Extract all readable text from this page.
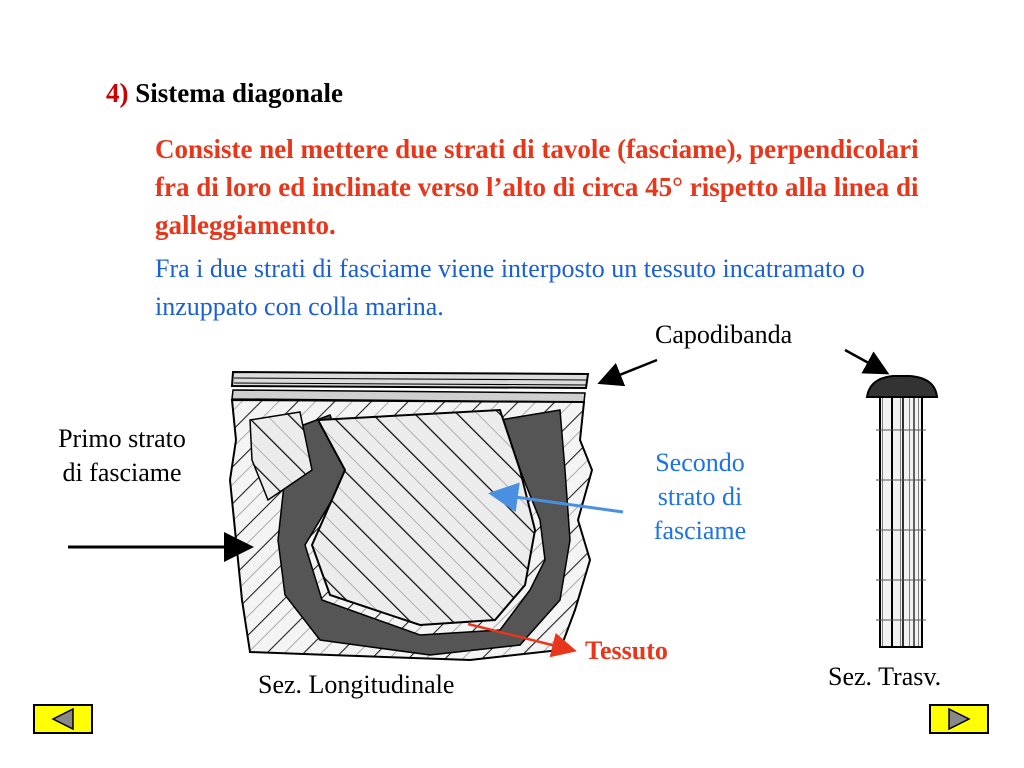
4) Sistema diagonale
Consiste nel mettere due strati di tavole (fasciame), perpendicolari fra di loro ed inclinate verso l’alto di circa 45° rispetto alla linea di galleggiamento.
Fra i due strati di fasciame viene interposto un tessuto incatramato o inzuppato con colla marina.
Capodibanda
Primo strato di fasciame	Secondo strato di fasciame
Tessuto
Sez. Longitudinale	Sez. Trasv.
